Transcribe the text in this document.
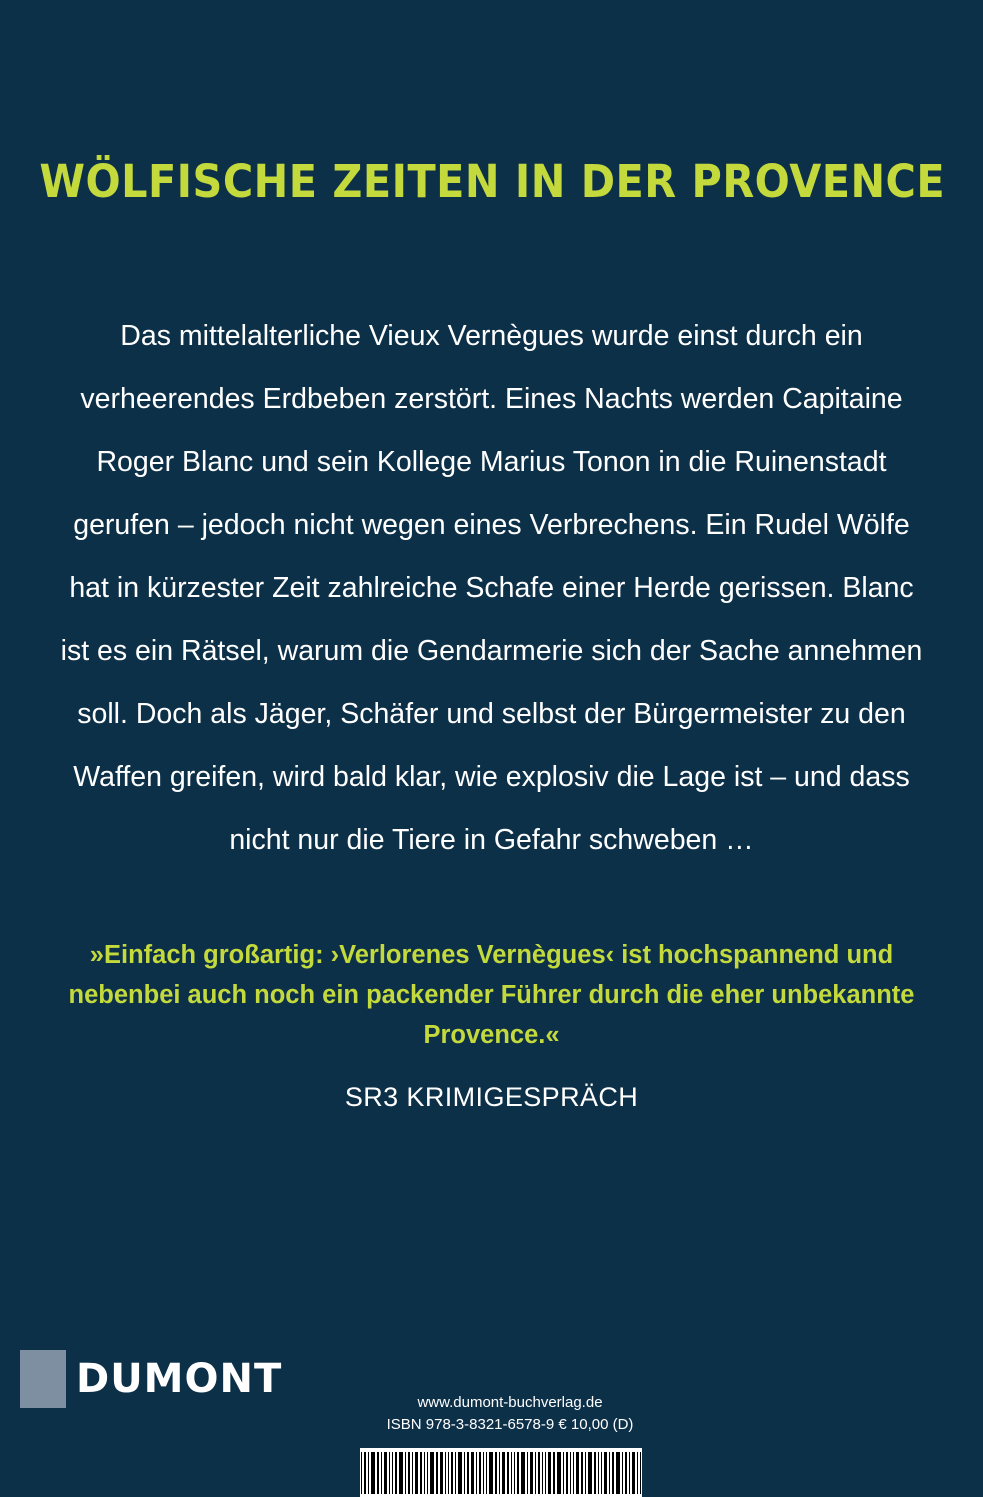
WÖLFISCHE ZEITEN IN DER PROVENCE

Das mittelalterliche Vieux Vernègues wurde einst durch ein verheerendes Erdbeben zerstört. Eines Nachts werden Capitaine Roger Blanc und sein Kollege Marius Tonon in die Ruinenstadt gerufen – jedoch nicht wegen eines Verbrechens. Ein Rudel Wölfe hat in kürzester Zeit zahlreiche Schafe einer Herde gerissen. Blanc ist es ein Rätsel, warum die Gendarmerie sich der Sache annehmen soll. Doch als Jäger, Schäfer und selbst der Bürgermeister zu den Waffen greifen, wird bald klar, wie explosiv die Lage ist – und dass nicht nur die Tiere in Gefahr schweben …

»Einfach großartig: ›Verlorenes Vernègues‹ ist hochspannend und nebenbei auch noch ein packender Führer durch die eher unbekannte Provence.«

SR3 KRIMIGESPRÄCH
DUMONT
www.dumont-buchverlag.de
ISBN 978-3-8321-6578-9 € 10,00 (D)
